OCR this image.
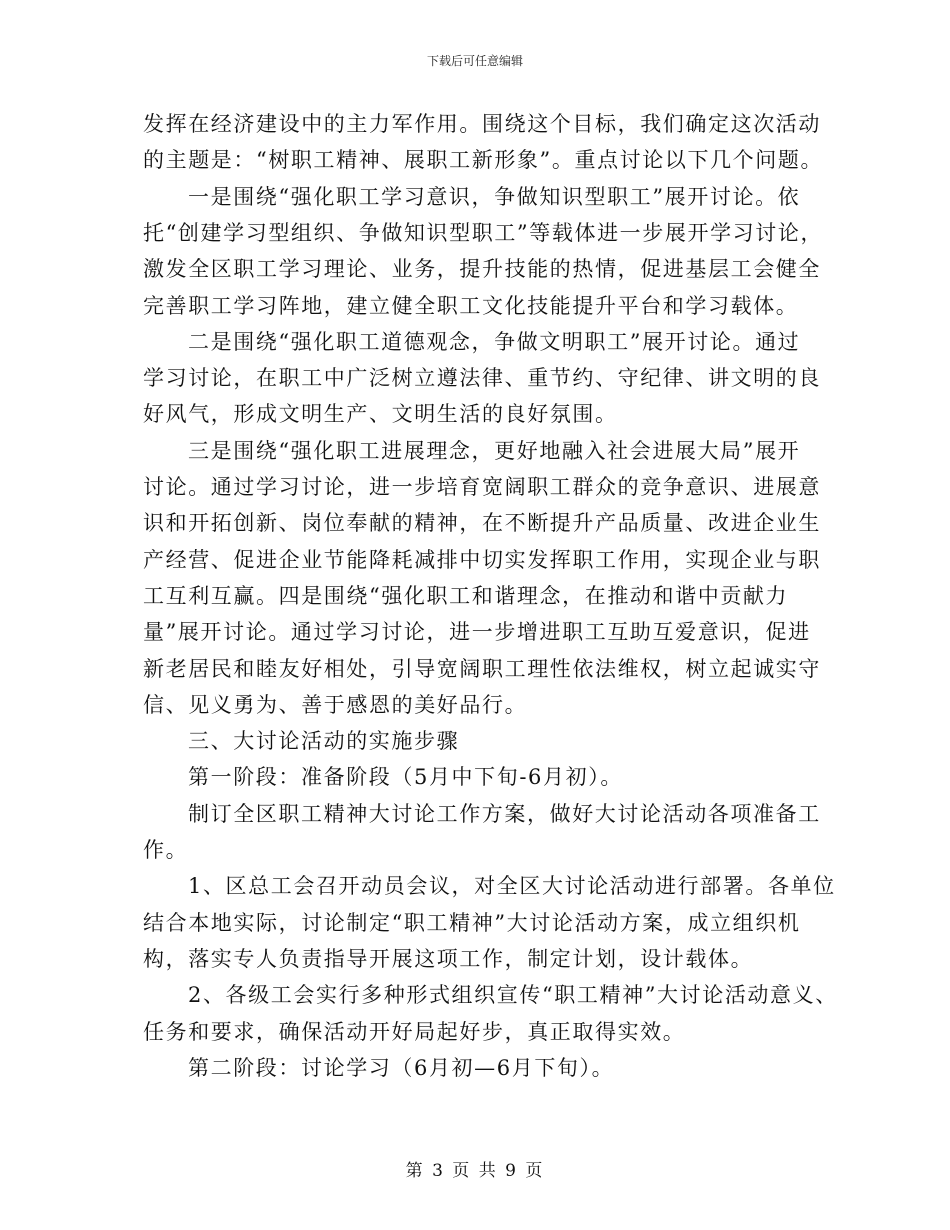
下载后可任意编辑
发挥在经济建设中的主力军作用。围绕这个目标，我们确定这次活动
的主题是：“树职工精神、展职工新形象”。重点讨论以下几个问题。
一是围绕“强化职工学习意识，争做知识型职工”展开讨论。依
托“创建学习型组织、争做知识型职工”等载体进一步展开学习讨论，
激发全区职工学习理论、业务，提升技能的热情，促进基层工会健全
完善职工学习阵地，建立健全职工文化技能提升平台和学习载体。
二是围绕“强化职工道德观念，争做文明职工”展开讨论。通过
学习讨论，在职工中广泛树立遵法律、重节约、守纪律、讲文明的良
好风气，形成文明生产、文明生活的良好氛围。
三是围绕“强化职工进展理念，更好地融入社会进展大局”展开
讨论。通过学习讨论，进一步培育宽阔职工群众的竞争意识、进展意
识和开拓创新、岗位奉献的精神，在不断提升产品质量、改进企业生
产经营、促进企业节能降耗减排中切实发挥职工作用，实现企业与职
工互利互赢。四是围绕“强化职工和谐理念，在推动和谐中贡献力
量”展开讨论。通过学习讨论，进一步增进职工互助互爱意识，促进
新老居民和睦友好相处，引导宽阔职工理性依法维权，树立起诚实守
信、见义勇为、善于感恩的美好品行。
三、大讨论活动的实施步骤
第一阶段：准备阶段（5月中下旬-6月初）。
制订全区职工精神大讨论工作方案，做好大讨论活动各项准备工
作。
1、区总工会召开动员会议，对全区大讨论活动进行部署。各单位
结合本地实际，讨论制定“职工精神”大讨论活动方案，成立组织机
构，落实专人负责指导开展这项工作，制定计划，设计载体。
2、各级工会实行多种形式组织宣传“职工精神”大讨论活动意义、
任务和要求，确保活动开好局起好步，真正取得实效。
第二阶段：讨论学习（6月初—6月下旬）。
第 3 页 共 9 页
